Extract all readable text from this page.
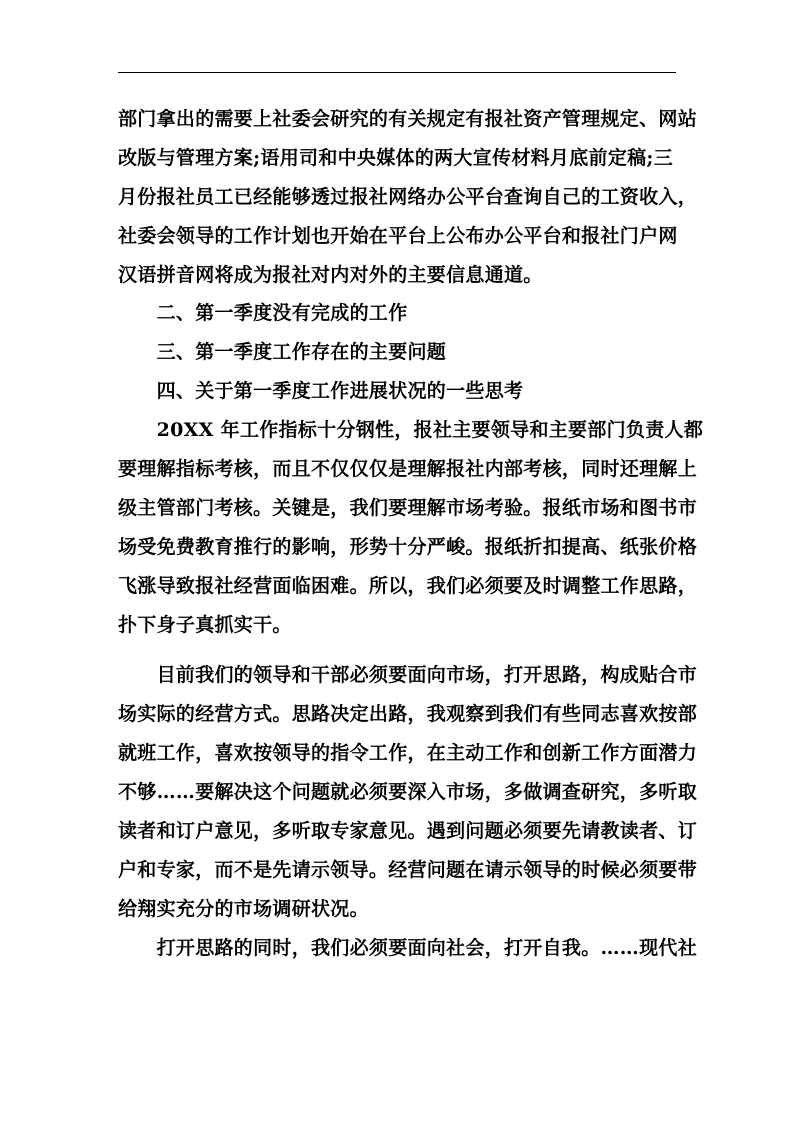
部门拿出的需要上社委会研究的有关规定有报社资产管理规定、网站
改版与管理方案;语用司和中央媒体的两大宣传材料月底前定稿;三
月份报社员工已经能够透过报社网络办公平台查询自己的工资收入，
社委会领导的工作计划也开始在平台上公布办公平台和报社门户网
汉语拼音网将成为报社对内对外的主要信息通道。
　　二、第一季度没有完成的工作
　　三、第一季度工作存在的主要问题
　　四、关于第一季度工作进展状况的一些思考
　　20XX 年工作指标十分钢性，报社主要领导和主要部门负责人都
要理解指标考核，而且不仅仅仅是理解报社内部考核，同时还理解上
级主管部门考核。关键是，我们要理解市场考验。报纸市场和图书市
场受免费教育推行的影响，形势十分严峻。报纸折扣提高、纸张价格
飞涨导致报社经营面临困难。所以，我们必须要及时调整工作思路，
扑下身子真抓实干。
　　目前我们的领导和干部必须要面向市场，打开思路，构成贴合市
场实际的经营方式。思路决定出路，我观察到我们有些同志喜欢按部
就班工作，喜欢按领导的指令工作，在主动工作和创新工作方面潜力
不够……要解决这个问题就必须要深入市场，多做调查研究，多听取
读者和订户意见，多听取专家意见。遇到问题必须要先请教读者、订
户和专家，而不是先请示领导。经营问题在请示领导的时候必须要带
给翔实充分的市场调研状况。
　　打开思路的同时，我们必须要面向社会，打开自我。……现代社
